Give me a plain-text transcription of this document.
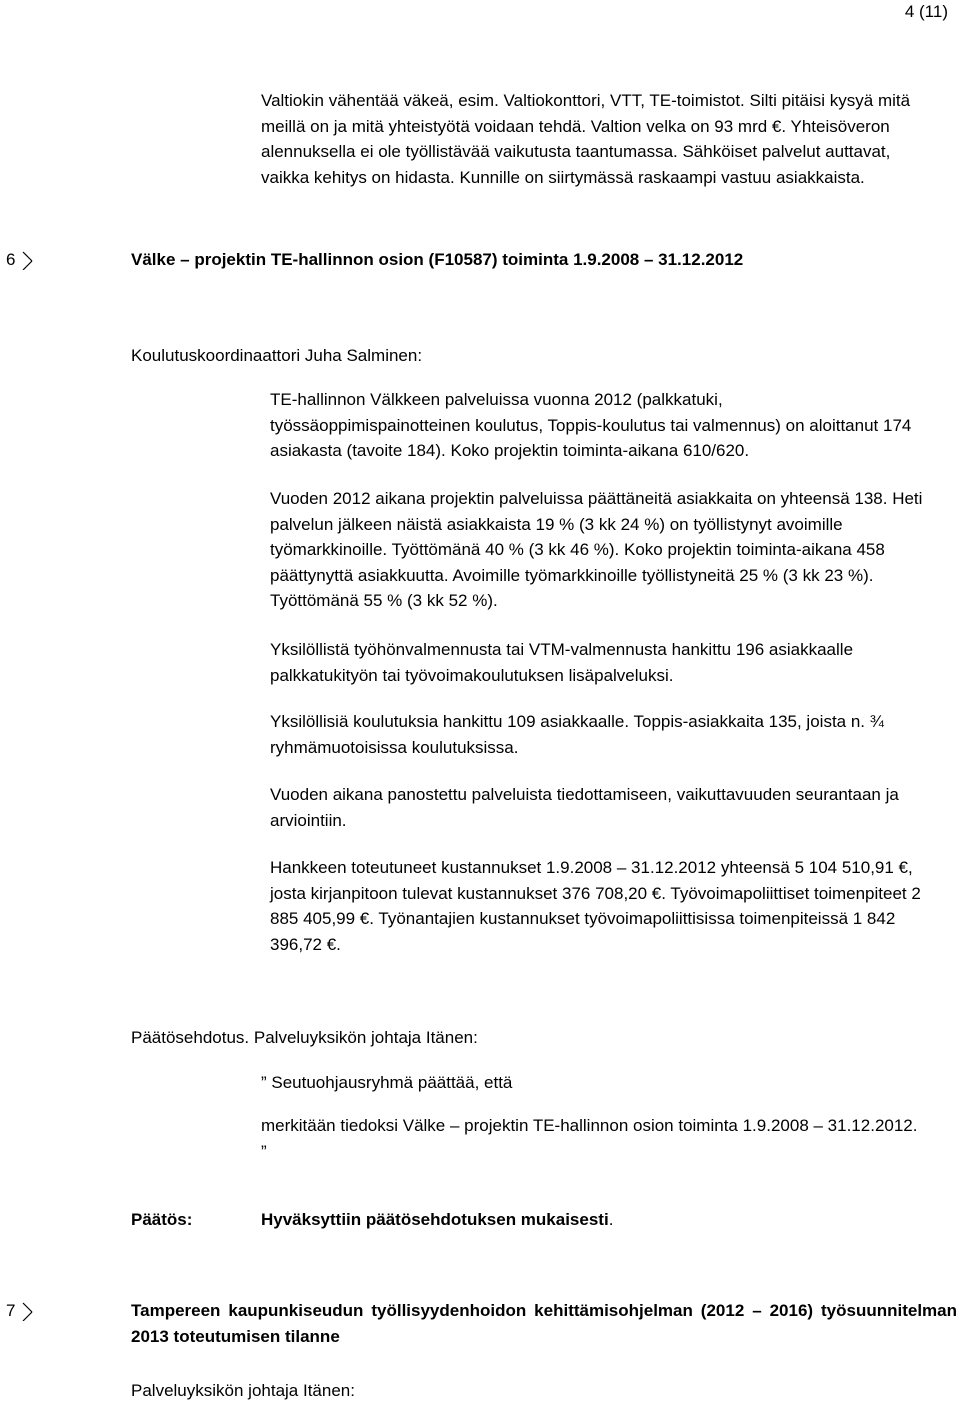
4 (11)

Valtiokin vähentää väkeä, esim. Valtiokonttori, VTT, TE-toimistot. Silti pitäisi kysyä mitä meillä on ja mitä yhteistyötä voidaan tehdä. Valtion velka on 93 mrd €. Yhteisöveron alennuksella ei ole työllistävää vaikutusta taantumassa. Sähköiset palvelut auttavat, vaikka kehitys on hidasta. Kunnille on siirtymässä raskaampi vastuu asiakkaista.

6	Välke – projektin TE-hallinnon osion (F10587) toiminta 1.9.2008 – 31.12.2012
Koulutuskoordinaattori Juha Salminen:

TE-hallinnon Välkkeen palveluissa vuonna 2012 (palkkatuki, työssäoppimispainotteinen koulutus, Toppis-koulutus tai valmennus) on aloittanut 174 asiakasta (tavoite 184). Koko projektin toiminta-aikana 610/620.

Vuoden 2012 aikana projektin palveluissa päättäneitä asiakkaita on yhteensä 138. Heti palvelun jälkeen näistä asiakkaista 19 % (3 kk 24 %) on työllistynyt avoimille työmarkkinoille. Työttömänä 40 % (3 kk 46 %). Koko projektin toiminta-aikana 458 päättynyttä asiakkuutta. Avoimille työmarkkinoille työllistyneitä 25 % (3 kk 23 %). Työttömänä 55 % (3 kk 52 %).

Yksilöllistä työhönvalmennusta tai VTM-valmennusta hankittu 196 asiakkaalle palkkatukityön tai työvoimakoulutuksen lisäpalveluksi.

Yksilöllisiä koulutuksia hankittu 109 asiakkaalle. Toppis-asiakkaita 135, joista n. ¾ ryhmämuotoisissa koulutuksissa.

Vuoden aikana panostettu palveluista tiedottamiseen, vaikuttavuuden seurantaan ja arviointiin.

Hankkeen toteutuneet kustannukset 1.9.2008 – 31.12.2012 yhteensä 5 104 510,91 €, josta kirjanpitoon tulevat kustannukset 376 708,20 €. Työvoimapoliittiset toimenpiteet 2 885 405,99 €. Työnantajien kustannukset työvoimapoliittisissa toimenpiteissä 1 842 396,72 €.

Päätösehdotus. Palveluyksikön johtaja Itänen:
” Seutuohjausryhmä päättää, että

merkitään tiedoksi Välke – projektin TE-hallinnon osion toiminta 1.9.2008 – 31.12.2012. ”

Päätös:	Hyväksyttiin päätösehdotuksen mukaisesti.
7	Tampereen kaupunkiseudun työllisyydenhoidon kehittämisohjelman (2012 – 2016) työsuunnitelman 2013 toteutumisen tilanne
Palveluyksikön johtaja Itänen:
